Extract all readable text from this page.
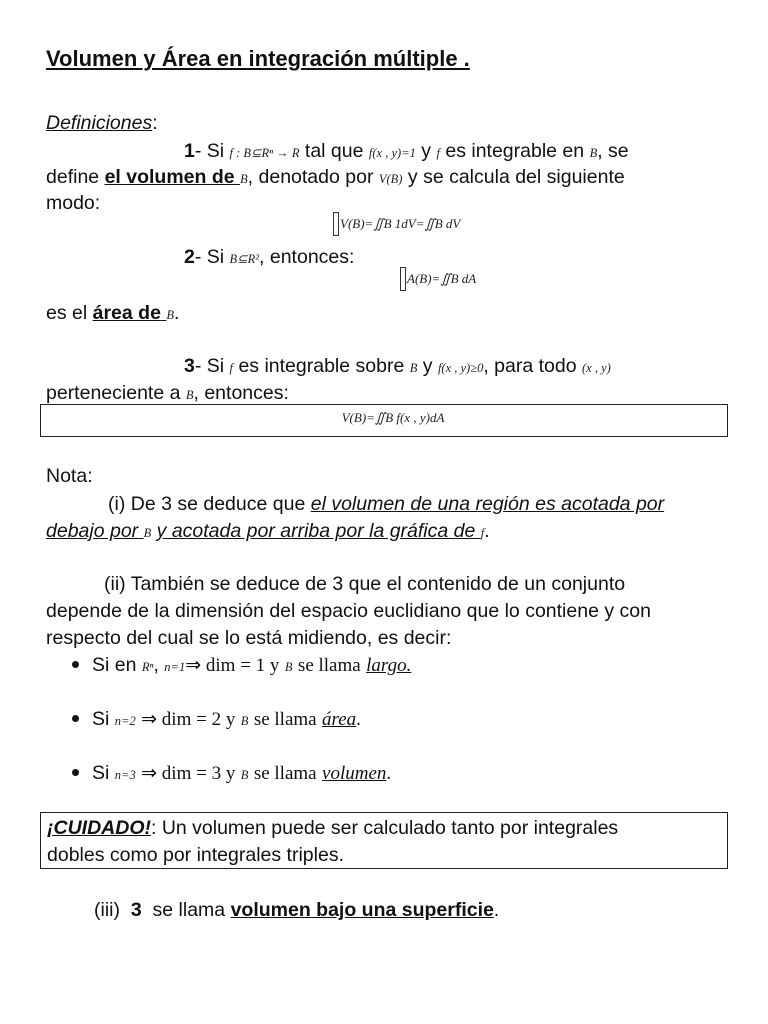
Volumen y Área en integración múltiple .
Definiciones:
1- Si f : B⊆Rⁿ → R tal que f(x , y)=1 y f es integrable en B, se
define el volumen de B, denotado por V(B) y se calcula del siguiente
modo:
V(B)=∬B 1dV=∬B dV
2- Si B⊆R², entonces:
A(B)=∬B dA
es el área de B.
3- Si f es integrable sobre B y f(x , y)≥0, para todo (x , y)
perteneciente a B, entonces:
V(B)=∬B f(x , y)dA
Nota:
(i) De 3 se deduce que el volumen de una región es acotada por
debajo por B y acotada por arriba por la gráfica de f.
(ii) También se deduce de 3 que el contenido de un conjunto
depende de la dimensión del espacio euclidiano que lo contiene y con
respecto del cual se lo está midiendo, es decir:
Si en Rⁿ, n=1⇒ dim = 1 y B se llama largo.
Si n=2 ⇒ dim = 2 y B se llama área.
Si n=3 ⇒ dim = 3 y B se llama volumen.
¡CUIDADO!: Un volumen puede ser calculado tanto por integrales
dobles como por integrales triples.
(iii) 3 se llama volumen bajo una superficie.
